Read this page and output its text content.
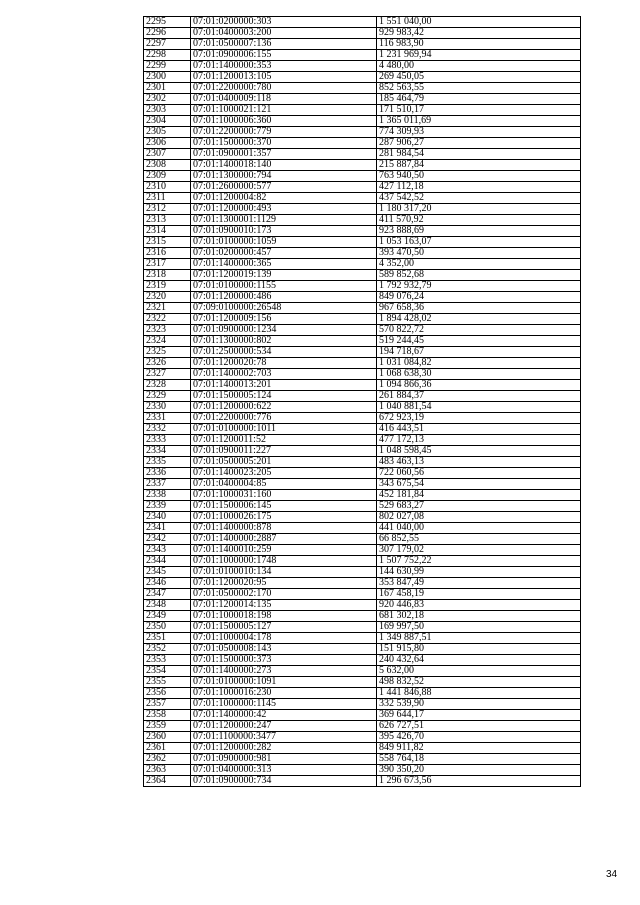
2295	07:01:0200000:303	1 551 040,00
2296	07:01:0400003:200	929 983,42
2297	07:01:0500007:136	116 983,90
2298	07:01:0900006:155	1 231 969,94
2299	07:01:1400000:353	4 480,00
2300	07:01:1200013:105	269 450,05
2301	07:01:2200000:780	852 563,55
2302	07:01:0400009:118	185 464,79
2303	07:01:1000021:121	171 510,17
2304	07:01:1000006:360	1 365 011,69
2305	07:01:2200000:779	774 309,93
2306	07:01:1500000:370	287 906,27
2307	07:01:0900001:357	281 984,54
2308	07:01:1400018:140	215 887,84
2309	07:01:1300000:794	763 940,50
2310	07:01:2600000:577	427 112,18
2311	07:01:1200004:82	437 542,52
2312	07:01:1200000:493	1 180 317,20
2313	07:01:1300001:1129	411 570,92
2314	07:01:0900010:173	923 888,69
2315	07:01:0100000:1059	1 053 163,07
2316	07:01:0200000:457	393 470,50
2317	07:01:1400000:365	4 352,00
2318	07:01:1200019:139	589 852,68
2319	07:01:0100000:1155	1 792 932,79
2320	07:01:1200000:486	849 076,24
2321	07:09:0100000:26548	967 658,36
2322	07:01:1200009:156	1 894 428,02
2323	07:01:0900000:1234	570 822,72
2324	07:01:1300000:802	519 244,45
2325	07:01:2500000:534	194 718,67
2326	07:01:1200020:78	1 031 084,82
2327	07:01:1400002:703	1 068 638,30
2328	07:01:1400013:201	1 094 866,36
2329	07:01:1500005:124	261 884,37
2330	07:01:1200000:622	1 040 881,54
2331	07:01:2200000:776	672 923,19
2332	07:01:0100000:1011	416 443,51
2333	07:01:1200011:52	477 172,13
2334	07:01:0900011:227	1 048 598,45
2335	07:01:0500005:201	483 463,13
2336	07:01:1400023:205	722 060,56
2337	07:01:0400004:85	343 675,54
2338	07:01:1000031:160	452 181,84
2339	07:01:1500006:145	529 683,27
2340	07:01:1000026:175	802 027,08
2341	07:01:1400000:878	441 040,00
2342	07:01:1400000:2887	66 852,55
2343	07:01:1400010:259	307 179,02
2344	07:01:1000000:1748	1 507 752,22
2345	07:01:0100010:134	144 630,99
2346	07:01:1200020:95	353 847,49
2347	07:01:0500002:170	167 458,19
2348	07:01:1200014:135	920 446,83
2349	07:01:1000018:198	681 302,18
2350	07:01:1500005:127	169 997,50
2351	07:01:1000004:178	1 349 887,51
2352	07:01:0500008:143	151 915,80
2353	07:01:1500000:373	240 432,64
2354	07:01:1400000:273	5 632,00
2355	07:01:0100000:1091	498 832,52
2356	07:01:1000016:230	1 441 846,88
2357	07:01:1000000:1145	332 539,90
2358	07:01:1400000:42	369 644,17
2359	07:01:1200000:247	626 727,51
2360	07:01:1100000:3477	395 426,70
2361	07:01:1200000:282	849 911,82
2362	07:01:0900000:981	558 764,18
2363	07:01:0400000:313	390 350,20
2364	07:01:0900000:734	1 296 673,56
34
